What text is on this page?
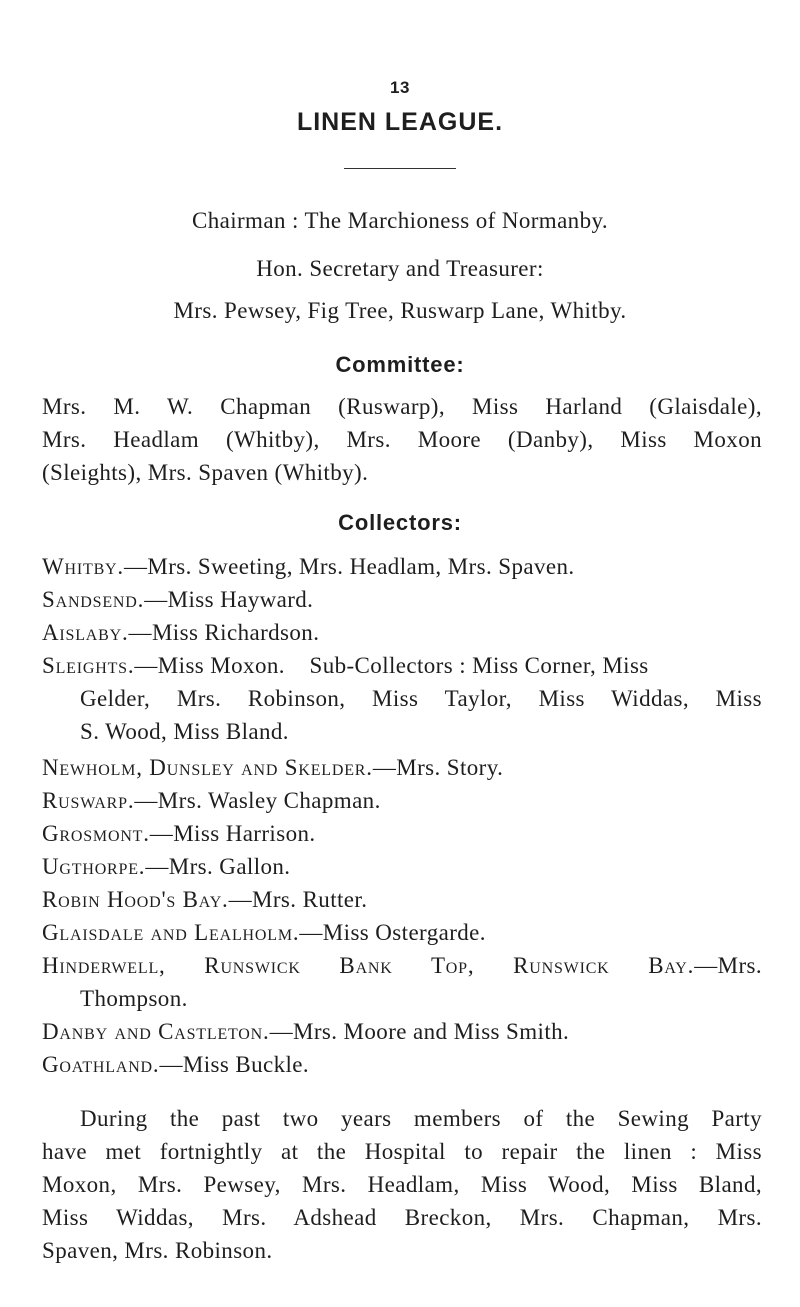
13
LINEN LEAGUE.
Chairman : The Marchioness of Normanby.
Hon. Secretary and Treasurer:
Mrs. Pewsey, Fig Tree, Ruswarp Lane, Whitby.
Committee:
Mrs. M. W. Chapman (Ruswarp), Miss Harland (Glaisdale),
Mrs. Headlam (Whitby), Mrs. Moore (Danby), Miss Moxon
(Sleights), Mrs. Spaven (Whitby).
Collectors:
Whitby.—Mrs. Sweeting, Mrs. Headlam, Mrs. Spaven.
Sandsend.—Miss Hayward.
Aislaby.—Miss Richardson.
Sleights.—Miss Moxon.    Sub-Collectors : Miss Corner, Miss
Gelder, Mrs. Robinson, Miss Taylor, Miss Widdas, Miss
S. Wood, Miss Bland.
Newholm, Dunsley and Skelder.—Mrs. Story.
Ruswarp.—Mrs. Wasley Chapman.
Grosmont.—Miss Harrison.
Ugthorpe.—Mrs. Gallon.
Robin Hood's Bay.—Mrs. Rutter.
Glaisdale and Lealholm.—Miss Ostergarde.
Hinderwell, Runswick Bank Top, Runswick Bay.—Mrs.
Thompson.
Danby and Castleton.—Mrs. Moore and Miss Smith.
Goathland.—Miss Buckle.
During the past two years members of the Sewing Party
have met fortnightly at the Hospital to repair the linen : Miss
Moxon, Mrs. Pewsey, Mrs. Headlam, Miss Wood, Miss Bland,
Miss Widdas, Mrs. Adshead Breckon, Mrs. Chapman, Mrs.
Spaven, Mrs. Robinson.
